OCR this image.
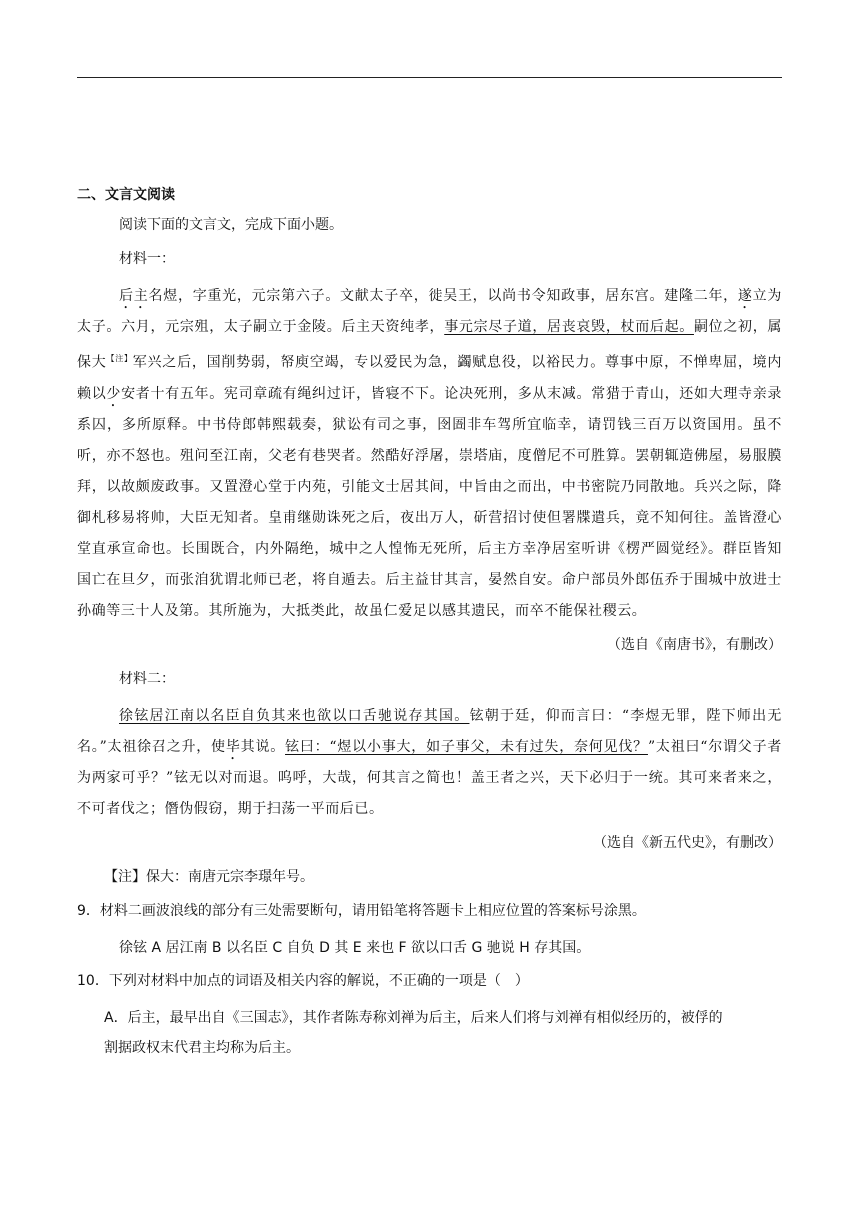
二、文言文阅读
阅读下面的文言文，完成下面小题。
材料一：

后主名煜，字重光，元宗第六子。文献太子卒，徙吴王，以尚书令知政事，居东宫。建隆二年，遂立为太子。六月，元宗殂，太子嗣立于金陵。后主天资纯孝，事元宗尽子道，居丧哀毁，杖而后起。嗣位之初，属保大$^{【注】}$军兴之后，国削势弱，帑庾空竭，专以爱民为急，蠲赋息役，以裕民力。尊事中原，不惮卑屈，境内赖以少安者十有五年。宪司章疏有绳纠过讦，皆寝不下。论决死刑，多从末减。常猎于青山，还如大理寺亲录系囚，多所原释。中书侍郎韩熙载奏，狱讼有司之事，囹圄非车驾所宜临幸，请罚钱三百万以资国用。虽不听，亦不怒也。殂问至江南，父老有巷哭者。然酷好浮屠，崇塔庙，度僧尼不可胜算。罢朝辄造佛屋，易服膜拜，以故颇废政事。又置澄心堂于内苑，引能文士居其间，中旨由之而出，中书密院乃同散地。兵兴之际，降御札移易将帅，大臣无知者。皇甫继勋诛死之后，夜出万人，斫营招讨使但署牒遣兵，竟不知何往。盖皆澄心堂直承宣命也。长围既合，内外隔绝，城中之人惶怖无死所，后主方幸净居室听讲《楞严圆觉经》。群臣皆知国亡在旦夕，而张洎犹谓北师已老，将自遁去。后主益甘其言，晏然自安。命户部员外郎伍乔于围城中放进士孙确等三十人及第。其所施为，大抵类此，故虽仁爱足以感其遗民，而卒不能保社稷云。

（选自《南唐书》，有删改）
材料二：

徐铉居江南以名臣自负其来也欲以口舌驰说存其国。铉朝于廷，仰而言曰：“李煜无罪，陛下师出无名。”太祖徐召之升，使毕其说。铉曰：“煜以小事大，如子事父，未有过失，奈何见伐？”太祖曰“尔谓父子者为两家可乎？”铉无以对而退。呜呼，大哉，何其言之简也！盖王者之兴，天下必归于一统。其可来者来之，不可者伐之；僭伪假窃，期于扫荡一平而后已。

（选自《新五代史》，有删改）
【注】保大：南唐元宗李璟年号。
9．材料二画波浪线的部分有三处需要断句，请用铅笔将答题卡上相应位置的答案标号涂黑。
徐铉 A 居江南 B 以名臣 C 自负 D 其 E 来也 F 欲以口舌 G 驰说 H 存其国。
10．下列对材料中加点的词语及相关内容的解说，不正确的一项是（　）
A．后主，最早出自《三国志》，其作者陈寿称刘禅为后主，后来人们将与刘禅有相似经历的，被俘的
割据政权末代君主均称为后主。
